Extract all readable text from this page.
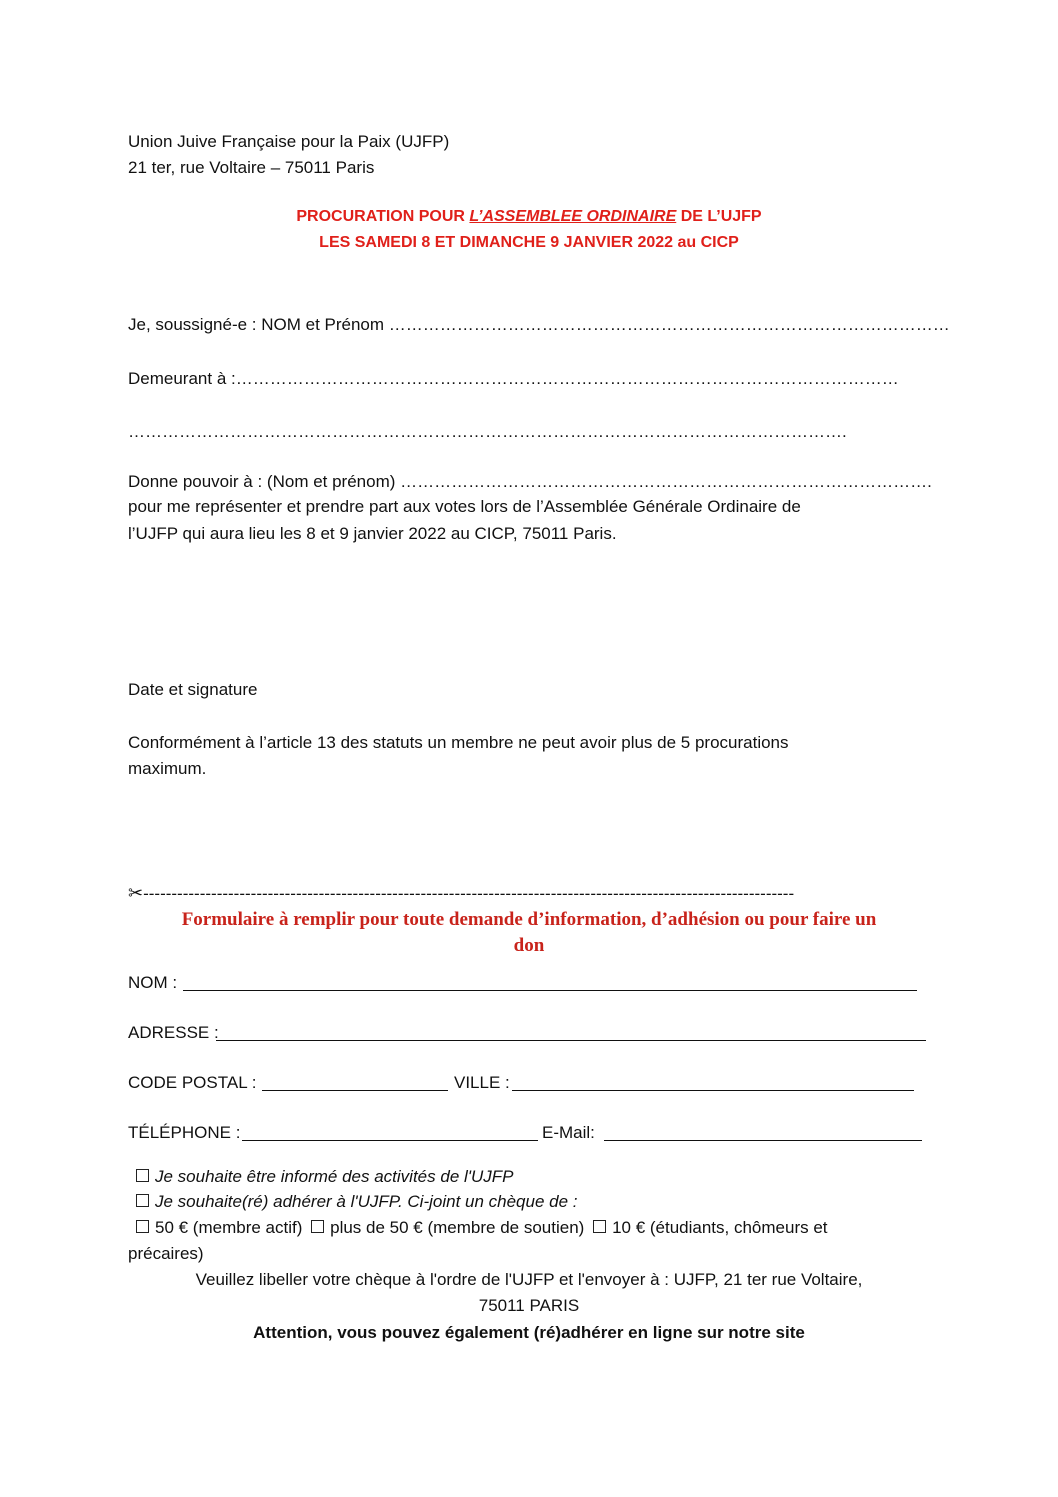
Union Juive Française pour la Paix (UJFP)
21 ter, rue Voltaire – 75011 Paris
PROCURATION POUR L’ASSEMBLEE ORDINAIRE DE L’UJFP
LES SAMEDI 8 ET DIMANCHE 9 JANVIER 2022 au CICP
Je, soussigné-e : NOM et Prénom ………………………………………………………………………………………
Demeurant à :………………………………………………………………………………………………………
……………………………………………………………………………………………………………….
Donne pouvoir à : (Nom et prénom) ………………………………………………………………………………….
pour me représenter et prendre part aux votes lors de l’Assemblée Générale Ordinaire de
l’UJFP qui aura lieu les 8 et 9 janvier 2022 au CICP, 75011 Paris.
Date et signature
Conformément à l’article 13 des statuts un membre ne peut avoir plus de 5 procurations
maximum.
✂-------------------------------------------------------------------------------------------------------------------
Formulaire à remplir pour toute demande d’information, d’adhésion ou pour faire un
don
NOM :
ADRESSE :
CODE POSTAL :	VILLE :
TÉLÉPHONE :	E-Mail:
Je souhaite être informé des activités de l'UJFP
Je souhaite(ré) adhérer à l'UJFP. Ci-joint un chèque de :
50 € (membre actif) plus de 50 € (membre de soutien) 10 € (étudiants, chômeurs et
précaires)
Veuillez libeller votre chèque à l'ordre de l'UJFP et l'envoyer à : UJFP, 21 ter rue Voltaire,
75011 PARIS
Attention, vous pouvez également (ré)adhérer en ligne sur notre site
